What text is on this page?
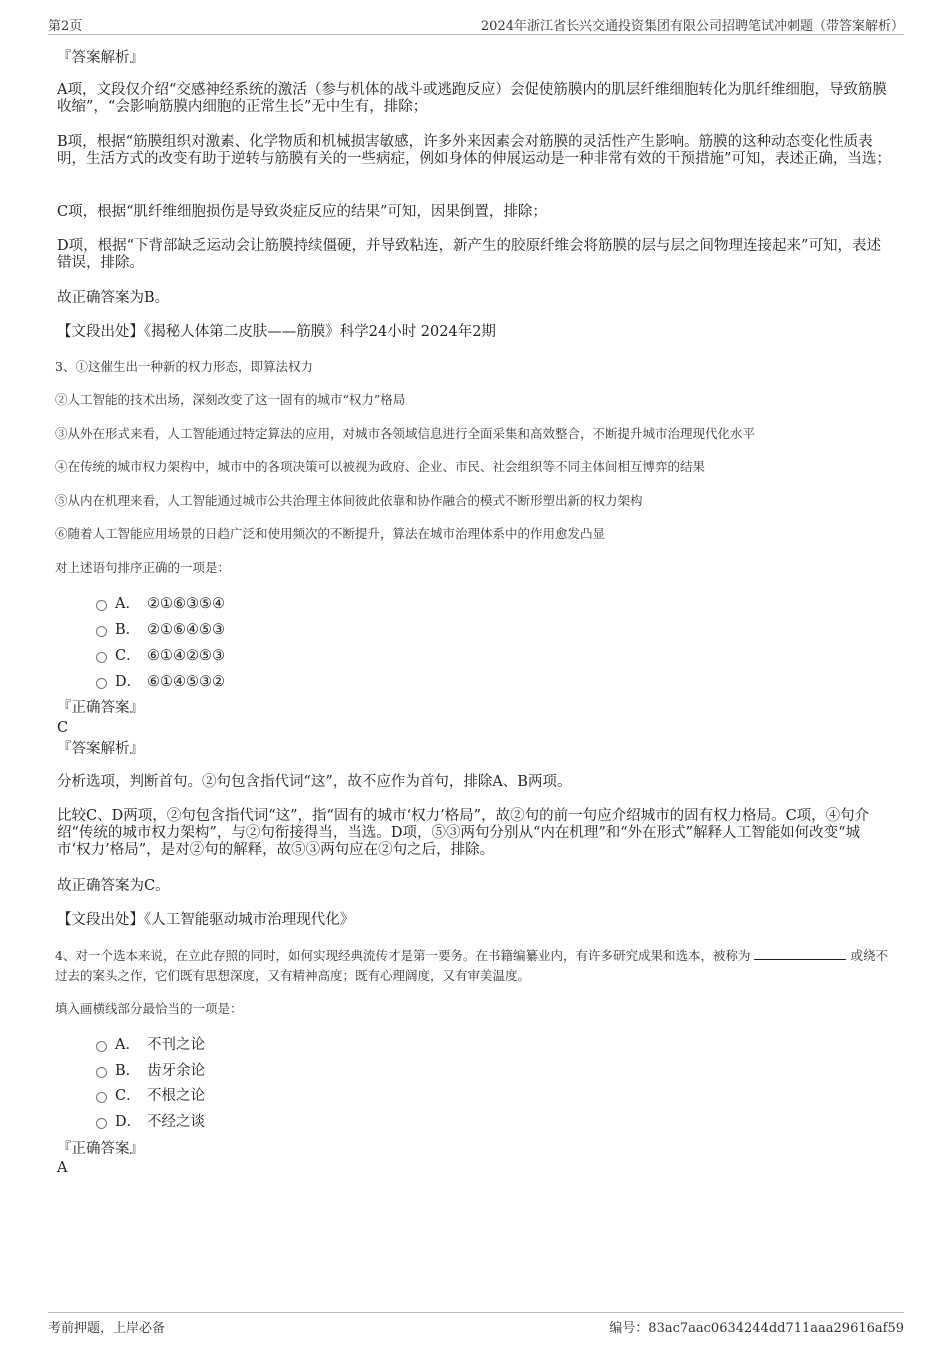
第2页	2024年浙江省长兴交通投资集团有限公司招聘笔试冲刺题（带答案解析）
『答案解析』
A项，文段仅介绍“交感神经系统的激活（参与机体的战斗或逃跑反应）会促使筋膜内的肌层纤维细胞转化为肌纤维细胞，导致筋膜收缩”，“会影响筋膜内细胞的正常生长”无中生有，排除；
B项，根据“筋膜组织对激素、化学物质和机械损害敏感，许多外来因素会对筋膜的灵活性产生影响。筋膜的这种动态变化性质表明，生活方式的改变有助于逆转与筋膜有关的一些病症，例如身体的伸展运动是一种非常有效的干预措施”可知，表述正确，当选；
C项，根据“肌纤维细胞损伤是导致炎症反应的结果”可知，因果倒置，排除；
D项，根据“下背部缺乏运动会让筋膜持续僵硬，并导致粘连，新产生的胶原纤维会将筋膜的层与层之间物理连接起来”可知，表述错误，排除。
故正确答案为B。
【文段出处】《揭秘人体第二皮肤——筋膜》科学24小时 2024年2期
3、①这催生出一种新的权力形态，即算法权力
②人工智能的技术出场，深刻改变了这一固有的城市“权力”格局
③从外在形式来看，人工智能通过特定算法的应用，对城市各领域信息进行全面采集和高效整合，不断提升城市治理现代化水平
④在传统的城市权力架构中，城市中的各项决策可以被视为政府、企业、市民、社会组织等不同主体间相互博弈的结果
⑤从内在机理来看，人工智能通过城市公共治理主体间彼此依靠和协作融合的模式不断形塑出新的权力架构
⑥随着人工智能应用场景的日趋广泛和使用频次的不断提升，算法在城市治理体系中的作用愈发凸显
对上述语句排序正确的一项是：
A． ②①⑥③⑤④
B． ②①⑥④⑤③
C． ⑥①④②⑤③
D． ⑥①④⑤③②
『正确答案』
C
『答案解析』
分析选项，判断首句。②句包含指代词“这”，故不应作为首句，排除A、B两项。
比较C、D两项，②句包含指代词“这”，指“固有的城市‘权力’格局”，故②句的前一句应介绍城市的固有权力格局。C项，④句介绍“传统的城市权力架构”，与②句衔接得当，当选。D项，⑤③两句分别从“内在机理”和“外在形式”解释人工智能如何改变“城市‘权力’格局”，是对②句的解释，故⑤③两句应在②句之后，排除。
故正确答案为C。
【文段出处】《人工智能驱动城市治理现代化》
4、对一个选本来说，在立此存照的同时，如何实现经典流传才是第一要务。在书籍编纂业内，有许多研究成果和选本，被称为	或绕不过去的案头之作，它们既有思想深度，又有精神高度；既有心理阔度，又有审美温度。
填入画横线部分最恰当的一项是：
A． 不刊之论
B． 齿牙余论
C． 不根之论
D． 不经之谈
『正确答案』
A
考前押题，上岸必备	编号：83ac7aac0634244dd711aaa29616af59
